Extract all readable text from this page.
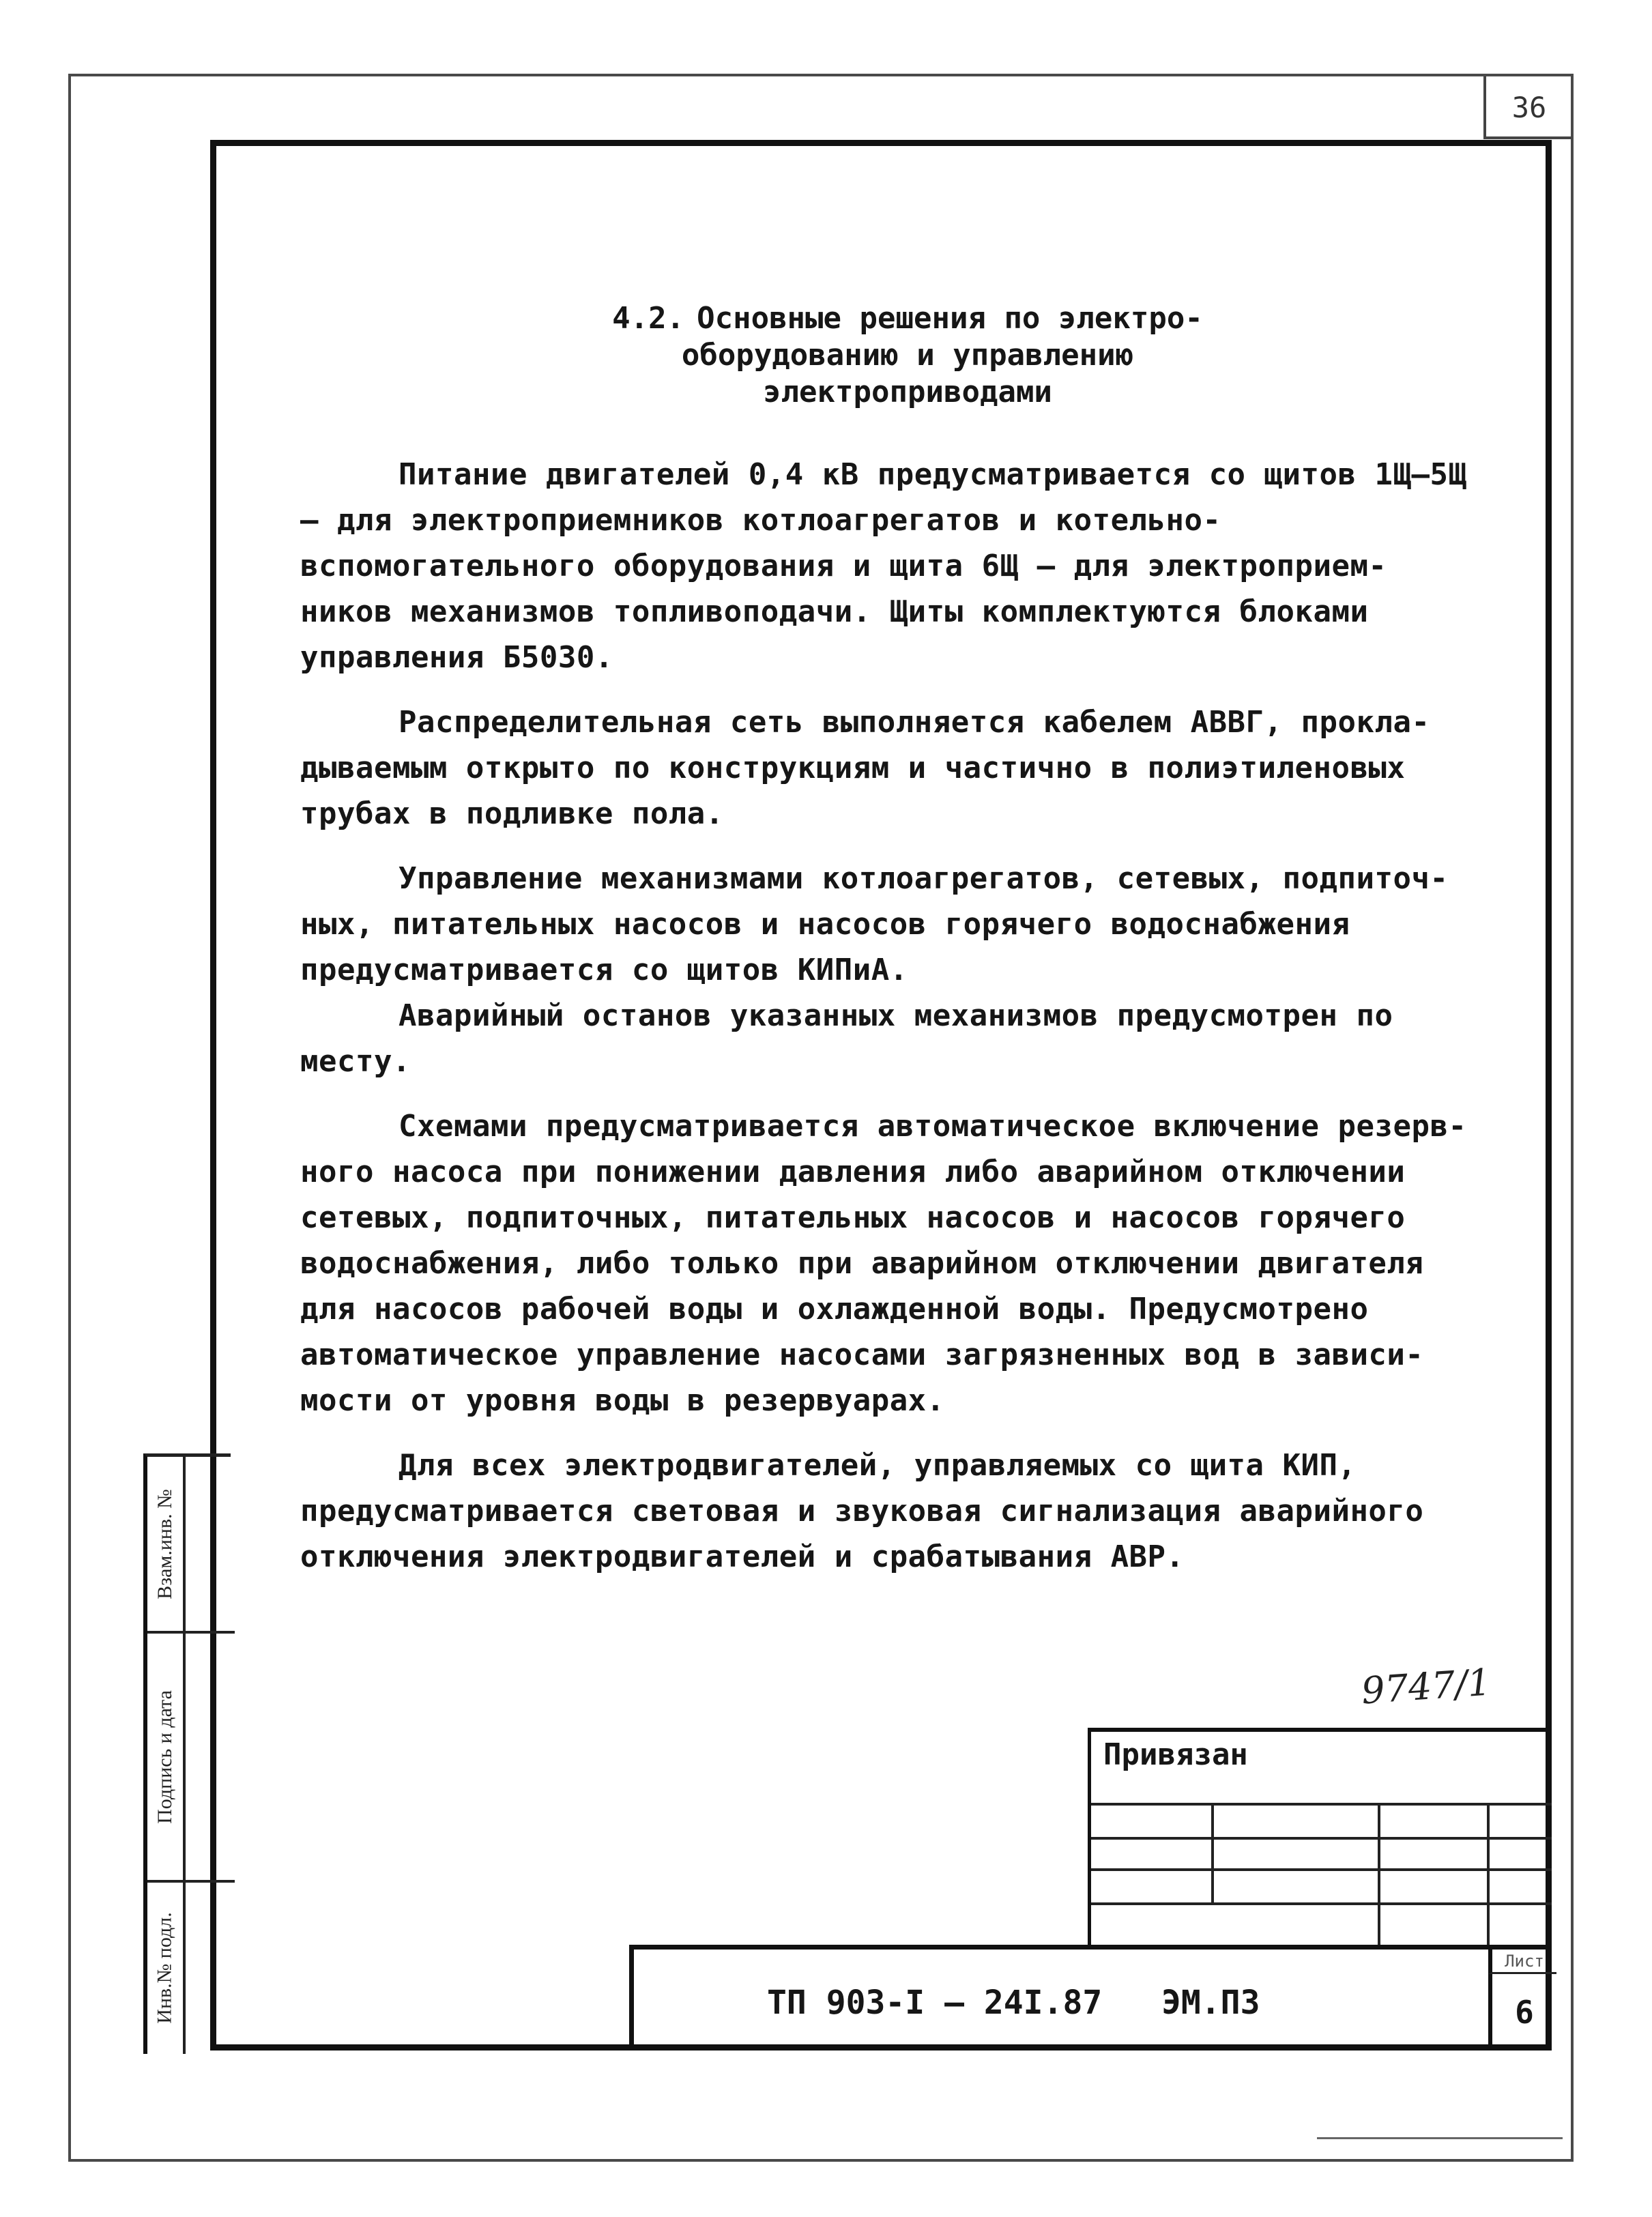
36
4.2. Основные решения по электро-
оборудованию и управлению
электроприводами

Питание двигателей 0,4 кВ предусматривается со щитов 1Щ–5Щ – для электроприемников котлоагрегатов и котельно-вспомогательного оборудования и щита 6Щ – для электроприем-ников механизмов топливоподачи. Щиты комплектуются блоками управления Б5030.

Распределительная сеть выполняется кабелем АВВГ, прокла-дываемым открыто по конструкциям и частично в полиэтиленовых трубах в подливке пола.

Управление механизмами котлоагрегатов, сетевых, подпиточ-ных, питательных насосов и насосов горячего водоснабжения предусматривается со щитов КИПиА.

Аварийный останов указанных механизмов предусмотрен по месту.

Схемами предусматривается автоматическое включение резерв-ного насоса при понижении давления либо аварийном отключении сетевых, подпиточных, питательных насосов и насосов горячего водоснабжения, либо только при аварийном отключении двигателя для насосов рабочей воды и охлажденной воды. Предусмотрено автоматическое управление насосами загрязненных вод в зависи-мости от уровня воды в резервуарах.

Для всех электродвигателей, управляемых со щита КИП, предусматривается световая и звуковая сигнализация аварийного отключения электродвигателей и срабатывания АВР.

9747/1
Привязан
ТП 903-I – 24I.87   ЭМ.ПЗ
Лист
6
Взам.инв. №
Подпись и дата
Инв.№ подл.
